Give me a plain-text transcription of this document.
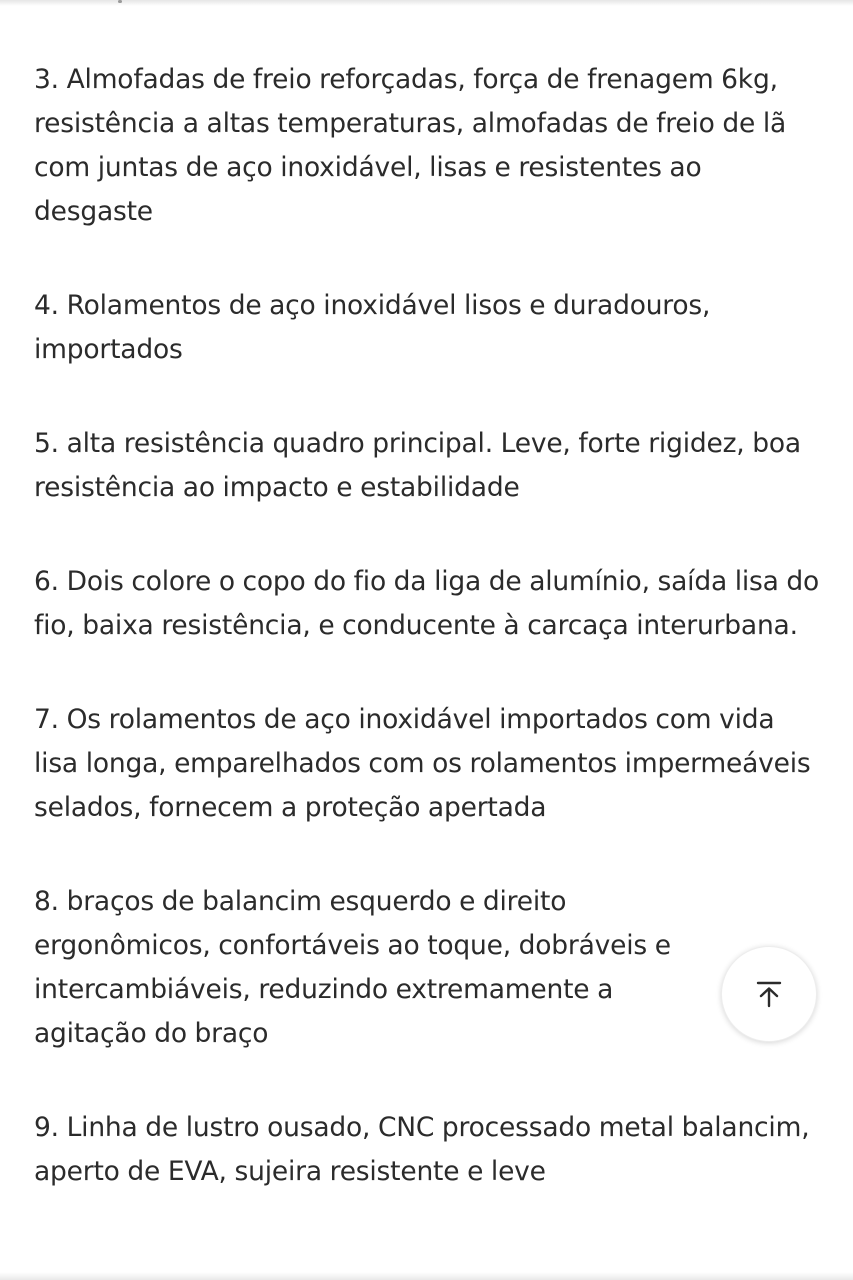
3. Almofadas de freio reforçadas, força de frenagem 6kg, resistência a altas temperaturas, almofadas de freio de lã com juntas de aço inoxidável, lisas e resistentes ao desgaste

4. Rolamentos de aço inoxidável lisos e duradouros, importados

5. alta resistência quadro principal. Leve, forte rigidez, boa resistência ao impacto e estabilidade

6. Dois colore o copo do fio da liga de alumínio, saída lisa do fio, baixa resistência, e conducente à carcaça interurbana.

7. Os rolamentos de aço inoxidável importados com vida lisa longa, emparelhados com os rolamentos impermeáveis selados, fornecem a proteção apertada

8. braços de balancim esquerdo e direito ergonômicos, confortáveis ao toque, dobráveis e intercambiáveis, reduzindo extremamente a agitação do braço

9. Linha de lustro ousado, CNC processado metal balancim, aperto de EVA, sujeira resistente e leve
